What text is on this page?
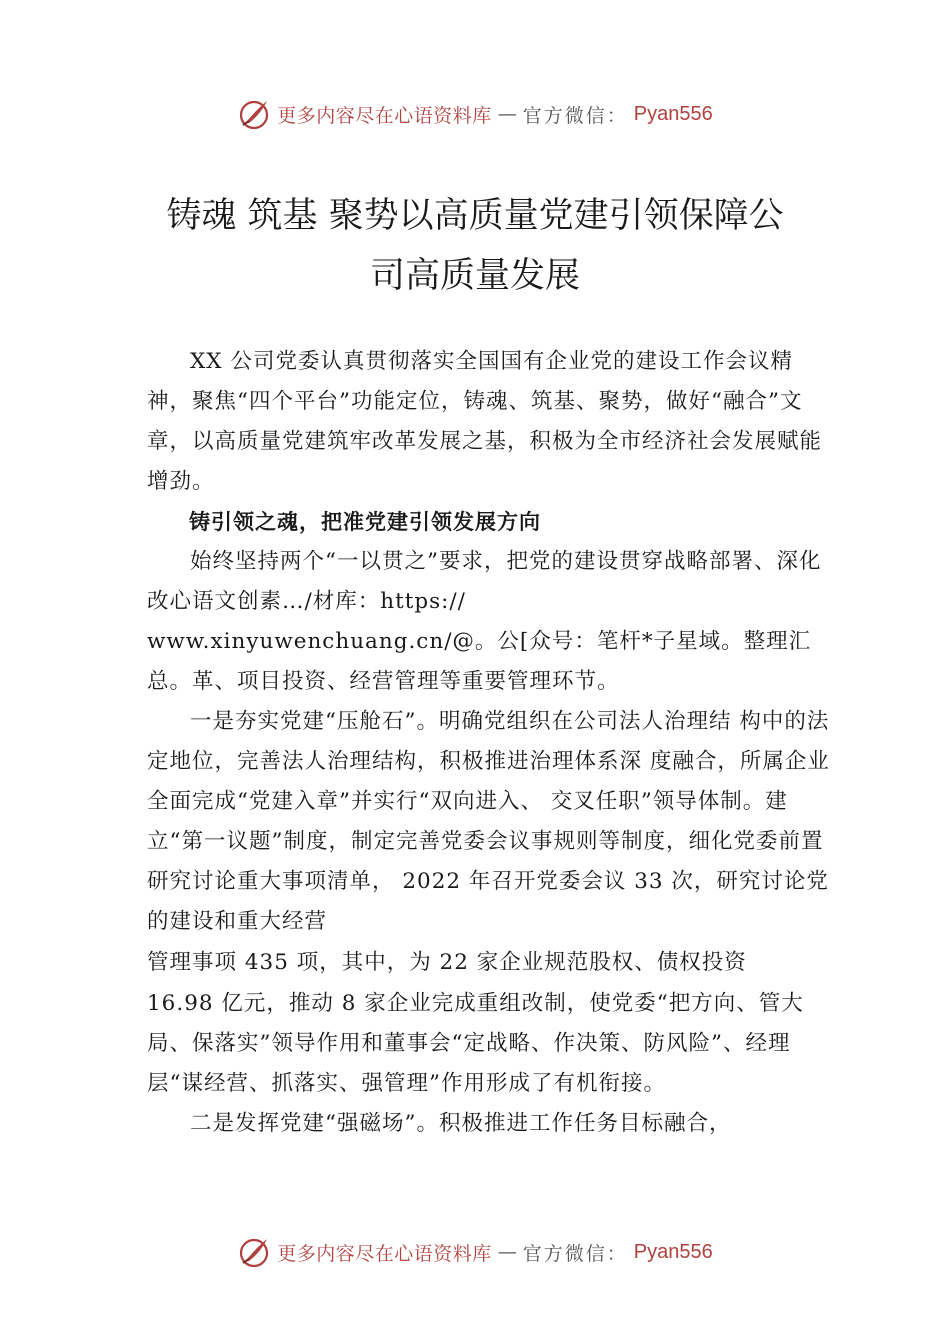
更多内容尽在心语资料库 — 官方微信： Pyan556
铸魂 筑基 聚势以高质量党建引领保障公
司高质量发展

XX 公司党委认真贯彻落实全国国有企业党的建设工作会议精神，聚焦“四个平台”功能定位，铸魂、筑基、聚势，做好“融合”文章，以高质量党建筑牢改革发展之基，积极为全市经济社会发展赋能增劲。

铸引领之魂，把准党建引领发展方向

始终坚持两个“一以贯之”要求，把党的建设贯穿战略部署、深化改心语文创素…/材库：https://

www.xinyuwenchuang.cn/@。公[众号：笔杆*子星域。整理汇总。革、项目投资、经营管理等重要管理环节。

一是夯实党建“压舱石”。明确党组织在公司法人治理结 构中的法定地位，完善法人治理结构，积极推进治理体系深 度融合，所属企业全面完成“党建入章”并实行“双向进入、 交叉任职”领导体制。建立“第一议题”制度，制定完善党委会议事规则等制度，细化党委前置研究讨论重大事项清单， 2022 年召开党委会议 33 次，研究讨论党的建设和重大经营

管理事项 435 项，其中，为 22 家企业规范股权、债权投资

16.98 亿元，推动 8 家企业完成重组改制，使党委“把方向、管大局、保落实”领导作用和董事会“定战略、作决策、防风险”、经理层“谋经营、抓落实、强管理”作用形成了有机衔接。

二是发挥党建“强磁场”。积极推进工作任务目标融合，

更多内容尽在心语资料库 — 官方微信： Pyan556
